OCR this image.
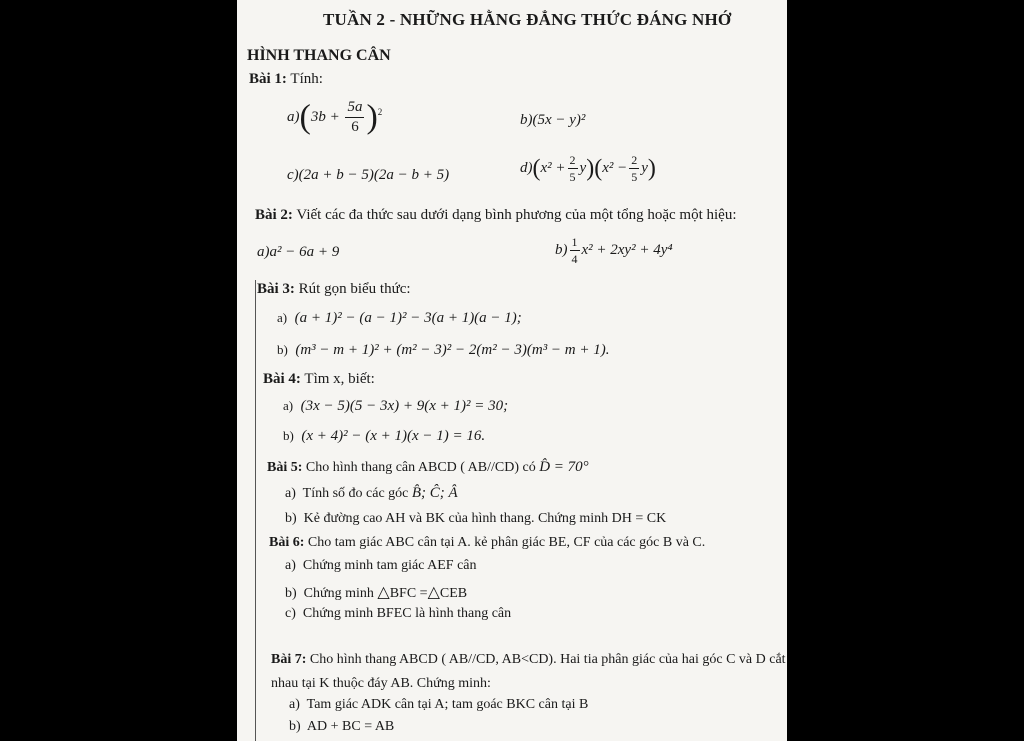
TUẦN 2 - NHỮNG HẰNG ĐẲNG THỨC ĐÁNG NHỚ
HÌNH THANG CÂN
Bài 1: Tính:
$a)(3b + \frac{5a}{6} )^2$
b)(5x − y)²
c)(2a + b − 5)(2a − b + 5)	$d)(x^2 + \frac{2}{5} y)(x^2 - \frac{2}{5} y)$
Bài 2: Viết các đa thức sau dưới dạng bình phương của một tổng hoặc một hiệu:
a)a² − 6a + 9	$b) \frac{1}{4} x^2 + 2xy^2 + 4y^4$
Bài 3: Rút gọn biểu thức:
a) (a + 1)² − (a − 1)² − 3(a + 1)(a − 1);
b) (m³ − m + 1)² + (m² − 3)² − 2(m² − 3)(m³ − m + 1).
Bài 4: Tìm x, biết:
a) (3x − 5)(5 − 3x) + 9(x + 1)² = 30;
b) (x + 4)² − (x + 1)(x − 1) = 16.
Bài 5: Cho hình thang cân ABCD ( AB//CD) có D̂ = 70°
a) Tính số đo các góc B̂; Ĉ; Â
b) Kẻ đường cao AH và BK của hình thang. Chứng minh DH = CK
Bài 6: Cho tam giác ABC cân tại A. kẻ phân giác BE, CF của các góc B và C.
a) Chứng minh tam giác AEF cân
b) Chứng minh △BFC =△CEB
c) Chứng minh BFEC là hình thang cân
Bài 7: Cho hình thang ABCD ( AB//CD, AB<CD). Hai tia phân giác của hai góc C và D cắt
nhau tại K thuộc đáy AB. Chứng minh:
a) Tam giác ADK cân tại A; tam goác BKC cân tại B
b) AD + BC = AB
